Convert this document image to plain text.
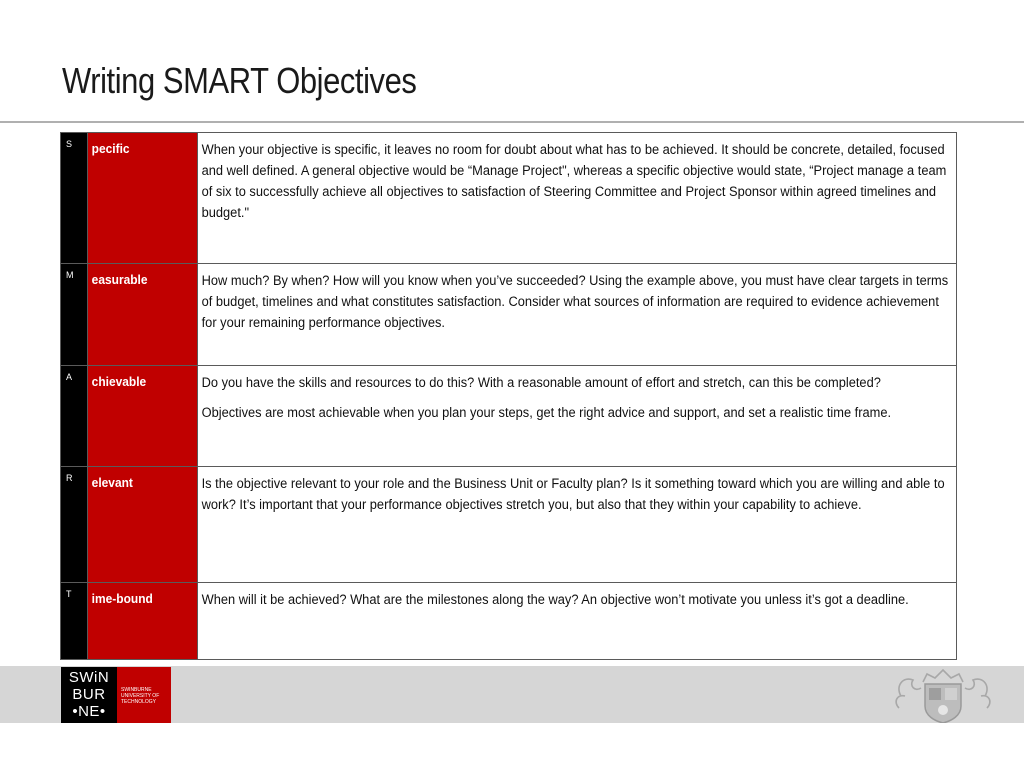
Writing SMART Objectives
S	pecific	When your objective is specific, it leaves no room for doubt about what has to be achieved. It should be concrete, detailed, focused and well defined. A general objective would be “Manage Project", whereas a specific objective would state, “Project manage a team of six to successfully achieve all objectives to satisfaction of Steering Committee and Project Sponsor within agreed timelines and budget."

M	easurable	How much? By when? How will you know when you’ve succeeded? Using the example above, you must have clear targets in terms of budget, timelines and what constitutes satisfaction. Consider what sources of information are required to evidence achievement for your remaining performance objectives.

A	chievable	Do you have the skills and resources to do this? With a reasonable amount of effort and stretch, can this be completed?

Objectives are most achievable when you plan your steps, get the right advice and support, and set a realistic time frame.

R	elevant	Is the objective relevant to your role and the Business Unit or Faculty plan? Is it something toward which you are willing and able to work? It’s important that your performance objectives stretch you, but also that they within your capability to achieve.

T	ime-bound	When will it be achieved? What are the milestones along the way? An objective won’t motivate you unless it’s got a deadline.

SWiN
BUR
•NE•
SWINBURNE
UNIVERSITY OF
TECHNOLOGY
